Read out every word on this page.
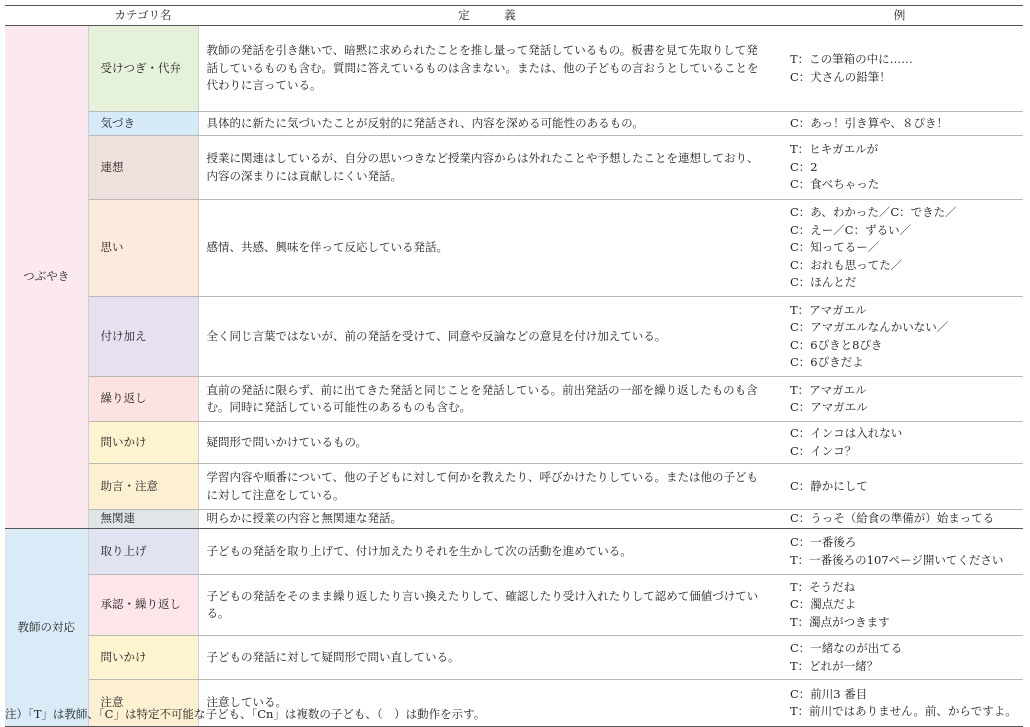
	カテゴリ名	定　　　義	例
つぶやき	受けつぎ・代弁	教師の発話を引き継いで、暗黙に求められたことを推し量って発話しているもの。板書を見て先取りして発話しているものも含む。質問に答えているものは含まない。または、他の子どもの言おうとしていることを代わりに言っている。	T：この筆箱の中に……
C：犬さんの鉛筆！

	気づき	具体的に新たに気づいたことが反射的に発話され、内容を深める可能性のあるもの。	C：あっ！引き算や、８ぴき！

	連想	授業に関連はしているが、自分の思いつきなど授業内容からは外れたことや予想したことを連想しており、内容の深まりには貢献しにくい発話。	T：ヒキガエルが
C：2
C：食べちゃった

	思い	感情、共感、興味を伴って反応している発話。	C：あ、わかった／C：できた／
C：えー／C：ずるい／
C：知ってるー／
C：おれも思ってた／
C：ほんとだ

	付け加え	全く同じ言葉ではないが、前の発話を受けて、同意や反論などの意見を付け加えている。	T：アマガエル
C：アマガエルなんかいない／
C：6ぴきと8ぴき
C：6ぴきだよ

	繰り返し	直前の発話に限らず、前に出てきた発話と同じことを発話している。前出発話の一部を繰り返したものも含む。同時に発話している可能性のあるものも含む。	T：アマガエル
C：アマガエル

	問いかけ	疑問形で問いかけているもの。	C：インコは入れない
C：インコ？

	助言・注意	学習内容や順番について、他の子どもに対して何かを教えたり、呼びかけたりしている。または他の子どもに対して注意をしている。	C：静かにして

	無関連	明らかに授業の内容と無関連な発話。	C：うっそ（給食の準備が）始まってる

教師の対応	取り上げ	子どもの発話を取り上げて、付け加えたりそれを生かして次の活動を進めている。	C：一番後ろ
T：一番後ろの107ページ開いてください

	承認・繰り返し	子どもの発話をそのまま繰り返したり言い換えたりして、確認したり受け入れたりして認めて価値づけている。	T：そうだね
C：濁点だよ
T：濁点がつきます

	問いかけ	子どもの発話に対して疑問形で問い直している。	C：一緒なのが出てる
T：どれが一緒？

	注意	注意している。	C：前川3 番目
T：前川ではありません。前、からですよ。
注）「T」は教師、「C」は特定不可能な子ども、「Cn」は複数の子ども、（　）は動作を示す。
